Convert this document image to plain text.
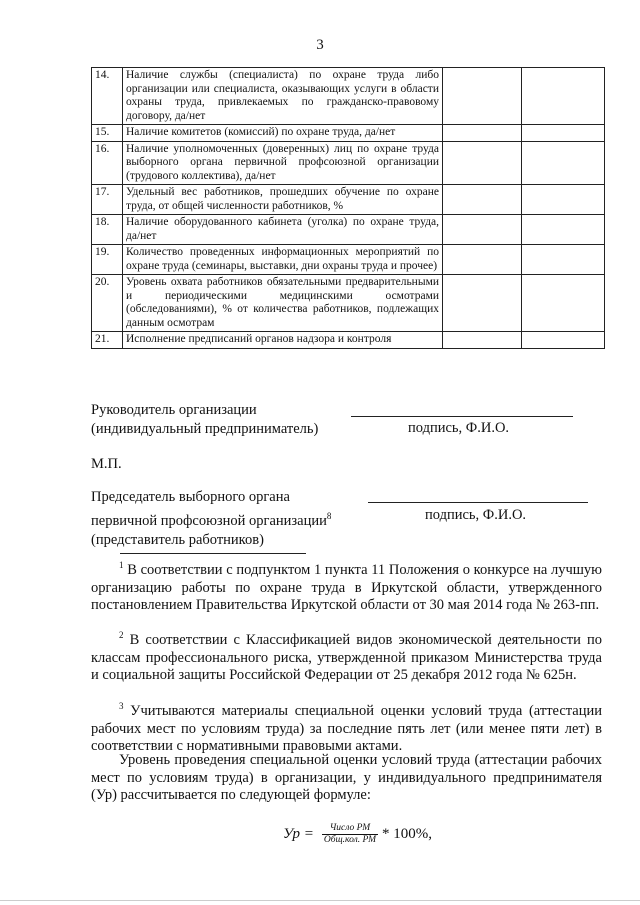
3
14.	Наличие службы (специалиста) по охране труда либо организации или специалиста, оказывающих услуги в области охраны труда, привлекаемых по гражданско-правовому договору, да/нет		
15.	Наличие комитетов (комиссий) по охране труда, да/нет		
16.	Наличие уполномоченных (доверенных) лиц по охране труда выборного органа первичной профсоюзной организации (трудового коллектива), да/нет		
17.	Удельный вес работников, прошедших обучение по охране труда, от общей численности работников, %		
18.	Наличие оборудованного кабинета (уголка) по охране труда, да/нет		
19.	Количество проведенных информационных мероприятий по охране труда (семинары, выставки, дни охраны труда и прочее)		
20.	Уровень охвата работников обязательными предварительными и периодическими медицинскими осмотрами (обследованиями), % от количества работников, подлежащих данным осмотрам		
21.	Исполнение предписаний органов надзора и контроля		
Руководитель организации
(индивидуальный предприниматель)	подпись, Ф.И.О.
М.П.
Председатель выборного органа
первичной профсоюзной организации$^8$
(представитель работников)
подпись, Ф.И.О.
$^1$ В соответствии с подпунктом 1 пункта 11 Положения о конкурсе на лучшую организацию работы по охране труда в Иркутской области, утвержденного постановлением Правительства Иркутской области от 30 мая 2014 года № 263-пп.
$^2$ В соответствии с Классификацией видов экономической деятельности по классам профессионального риска, утвержденной приказом Министерства труда и социальной защиты Российской Федерации от 25 декабря 2012 года № 625н.
$^3$ Учитываются материалы специальной оценки условий труда (аттестации рабочих мест по условиям труда) за последние пять лет (или менее пяти лет) в соответствии с нормативными правовыми актами.
Уровень проведения специальной оценки условий труда (аттестации рабочих мест по условиям труда) в организации, у индивидуального предпринимателя (Ур) рассчитывается по следующей формуле:
Ур = $\frac{\text{Число РМ}}{\text{Общ.кол. РМ}} * 100\%$,
